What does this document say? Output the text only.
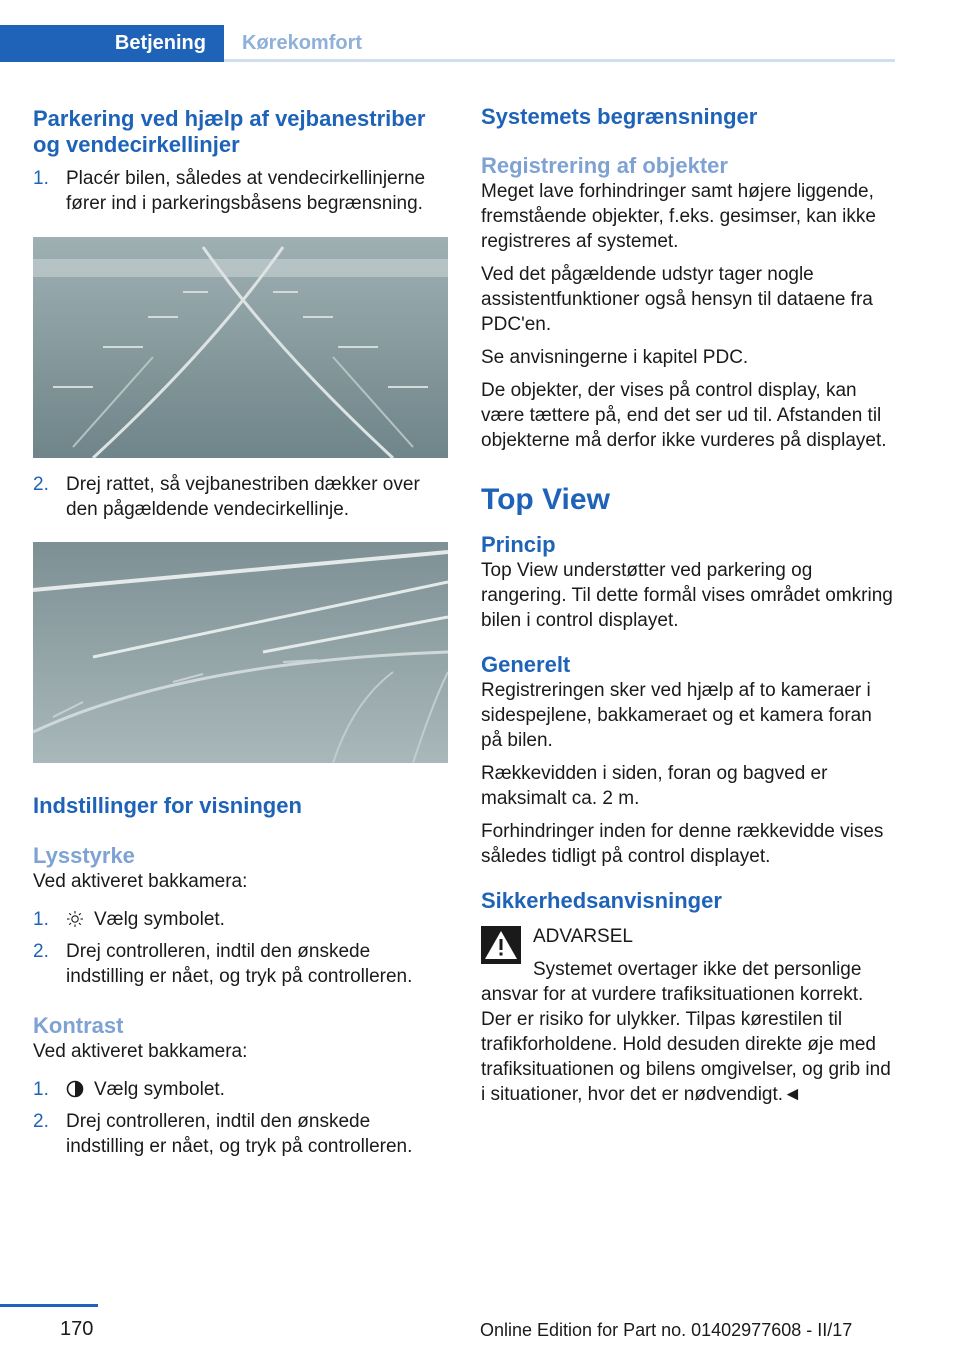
Betjening Kørekomfort
Parkering ved hjælp af vejbanestriber og vendecirkellinjer
1. Placér bilen, således at vendecirkellinjerne fører ind i parkeringsbåsens begrænsning.
2. Drej rattet, så vejbanestriben dækker over den pågældende vendecirkellinje.
Indstillinger for visningen
Lysstyrke

Ved aktiveret bakkamera:

1.	Vælg symbolet.
2. Drej controlleren, indtil den ønskede indstilling er nået, og tryk på controlleren.
Kontrast

Ved aktiveret bakkamera:

1.	Vælg symbolet.
2. Drej controlleren, indtil den ønskede indstilling er nået, og tryk på controlleren.
Systemets begrænsninger
Registrering af objekter

Meget lave forhindringer samt højere liggende, fremstående objekter, f.eks. gesimser, kan ikke registreres af systemet.

Ved det pågældende udstyr tager nogle assistentfunktioner også hensyn til dataene fra PDC'en.

Se anvisningerne i kapitel PDC.

De objekter, der vises på control display, kan være tættere på, end det ser ud til. Afstanden til objekterne må derfor ikke vurderes på displayet.

Top View
Princip

Top View understøtter ved parkering og rangering. Til dette formål vises området omkring bilen i control displayet.

Generelt

Registreringen sker ved hjælp af to kameraer i sidespejlene, bakkameraet og et kamera foran på bilen.

Rækkevidden i siden, foran og bagved er maksimalt ca. 2 m.

Forhindringer inden for denne rækkevidde vises således tidligt på control displayet.

Sikkerhedsanvisninger

ADVARSEL

Systemet overtager ikke det personlige

ansvar for at vurdere trafiksituationen korrekt. Der er risiko for ulykker. Tilpas kørestilen til trafikforholdene. Hold desuden direkte øje med trafiksituationen og bilens omgivelser, og grib ind i situationer, hvor det er nødvendigt.◄

170	Online Edition for Part no. 01402977608 - II/17
